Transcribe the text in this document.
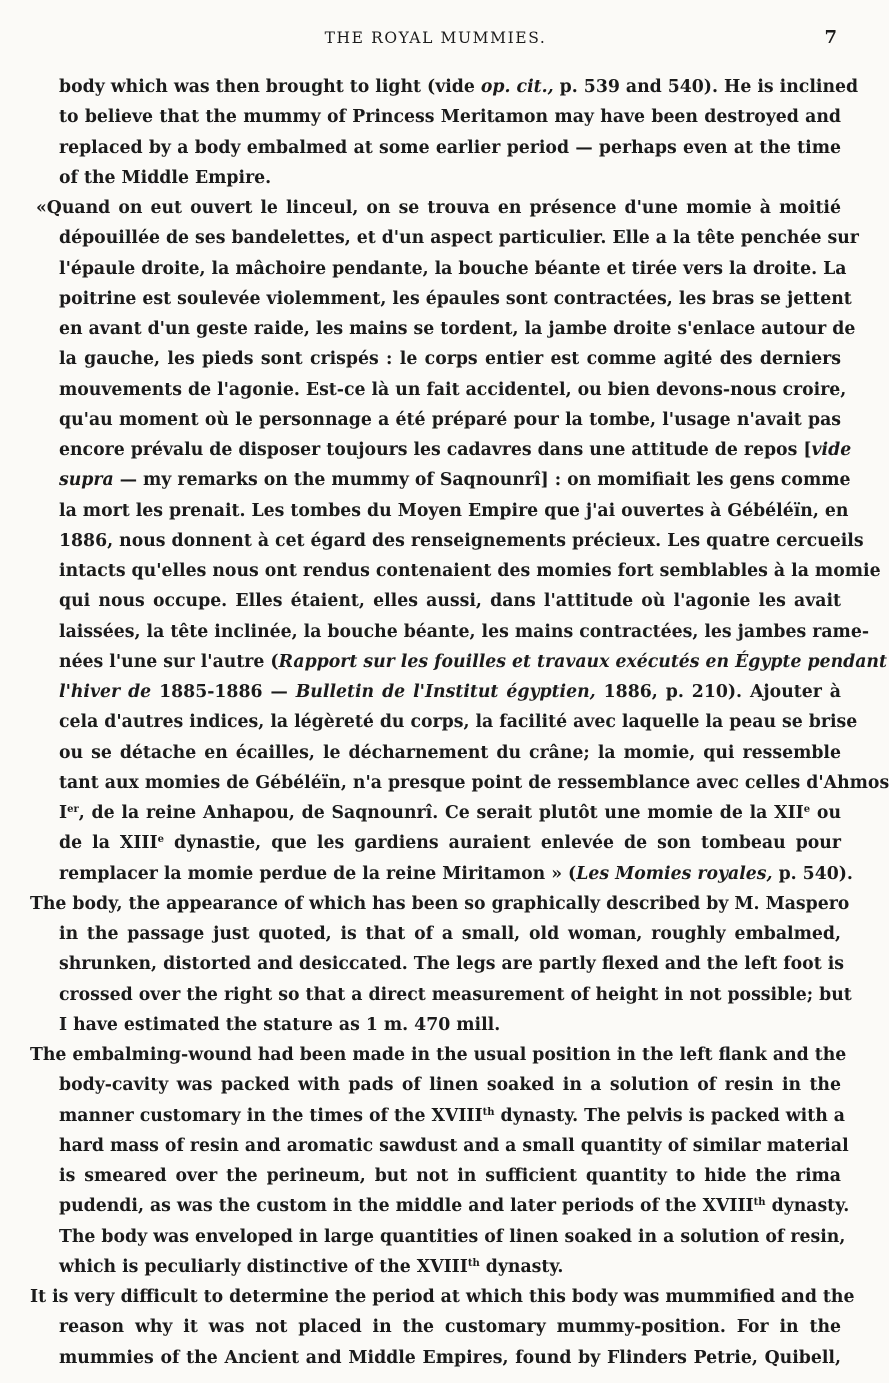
THE ROYAL MUMMIES.	7
body which was then brought to light (vide op. cit., p. 539 and 540). He is inclined
to believe that the mummy of Princess Meritamon may have been destroyed and
replaced by a body embalmed at some earlier period — perhaps even at the time
of the Middle Empire.
«Quand on eut ouvert le linceul, on se trouva en présence d'une momie à moitié
dépouillée de ses bandelettes, et d'un aspect particulier. Elle a la tête penchée sur
l'épaule droite, la mâchoire pendante, la bouche béante et tirée vers la droite. La
poitrine est soulevée violemment, les épaules sont contractées, les bras se jettent
en avant d'un geste raide, les mains se tordent, la jambe droite s'enlace autour de
la gauche, les pieds sont crispés : le corps entier est comme agité des derniers
mouvements de l'agonie. Est-ce là un fait accidentel, ou bien devons-nous croire,
qu'au moment où le personnage a été préparé pour la tombe, l'usage n'avait pas
encore prévalu de disposer toujours les cadavres dans une attitude de repos [vide
supra — my remarks on the mummy of Saqnounrî] : on momifiait les gens comme
la mort les prenait. Les tombes du Moyen Empire que j'ai ouvertes à Gébéléïn, en
1886, nous donnent à cet égard des renseignements précieux. Les quatre cercueils
intacts qu'elles nous ont rendus contenaient des momies fort semblables à la momie
qui nous occupe. Elles étaient, elles aussi, dans l'attitude où l'agonie les avait
laissées, la tête inclinée, la bouche béante, les mains contractées, les jambes rame-
nées l'une sur l'autre (Rapport sur les fouilles et travaux exécutés en Égypte pendant
l'hiver de 1885-1886 — Bulletin de l'Institut égyptien, 1886, p. 210). Ajouter à
cela d'autres indices, la légèreté du corps, la facilité avec laquelle la peau se brise
ou se détache en écailles, le décharnement du crâne; la momie, qui ressemble
tant aux momies de Gébéléïn, n'a presque point de ressemblance avec celles d'Ahmos
Ier, de la reine Anhapou, de Saqnounrî. Ce serait plutôt une momie de la XIIe ou
de la XIIIe dynastie, que les gardiens auraient enlevée de son tombeau pour
remplacer la momie perdue de la reine Miritamon » (Les Momies royales, p. 540).
The body, the appearance of which has been so graphically described by M. Maspero
in the passage just quoted, is that of a small, old woman, roughly embalmed,
shrunken, distorted and desiccated. The legs are partly flexed and the left foot is
crossed over the right so that a direct measurement of height in not possible; but
I have estimated the stature as 1 m. 470 mill.
The embalming-wound had been made in the usual position in the left flank and the
body-cavity was packed with pads of linen soaked in a solution of resin in the
manner customary in the times of the XVIIIth dynasty. The pelvis is packed with a
hard mass of resin and aromatic sawdust and a small quantity of similar material
is smeared over the perineum, but not in sufficient quantity to hide the rima
pudendi, as was the custom in the middle and later periods of the XVIIIth dynasty.
The body was enveloped in large quantities of linen soaked in a solution of resin,
which is peculiarly distinctive of the XVIIIth dynasty.
It is very difficult to determine the period at which this body was mummified and the
reason why it was not placed in the customary mummy-position. For in the
mummies of the Ancient and Middle Empires, found by Flinders Petrie, Quibell,
